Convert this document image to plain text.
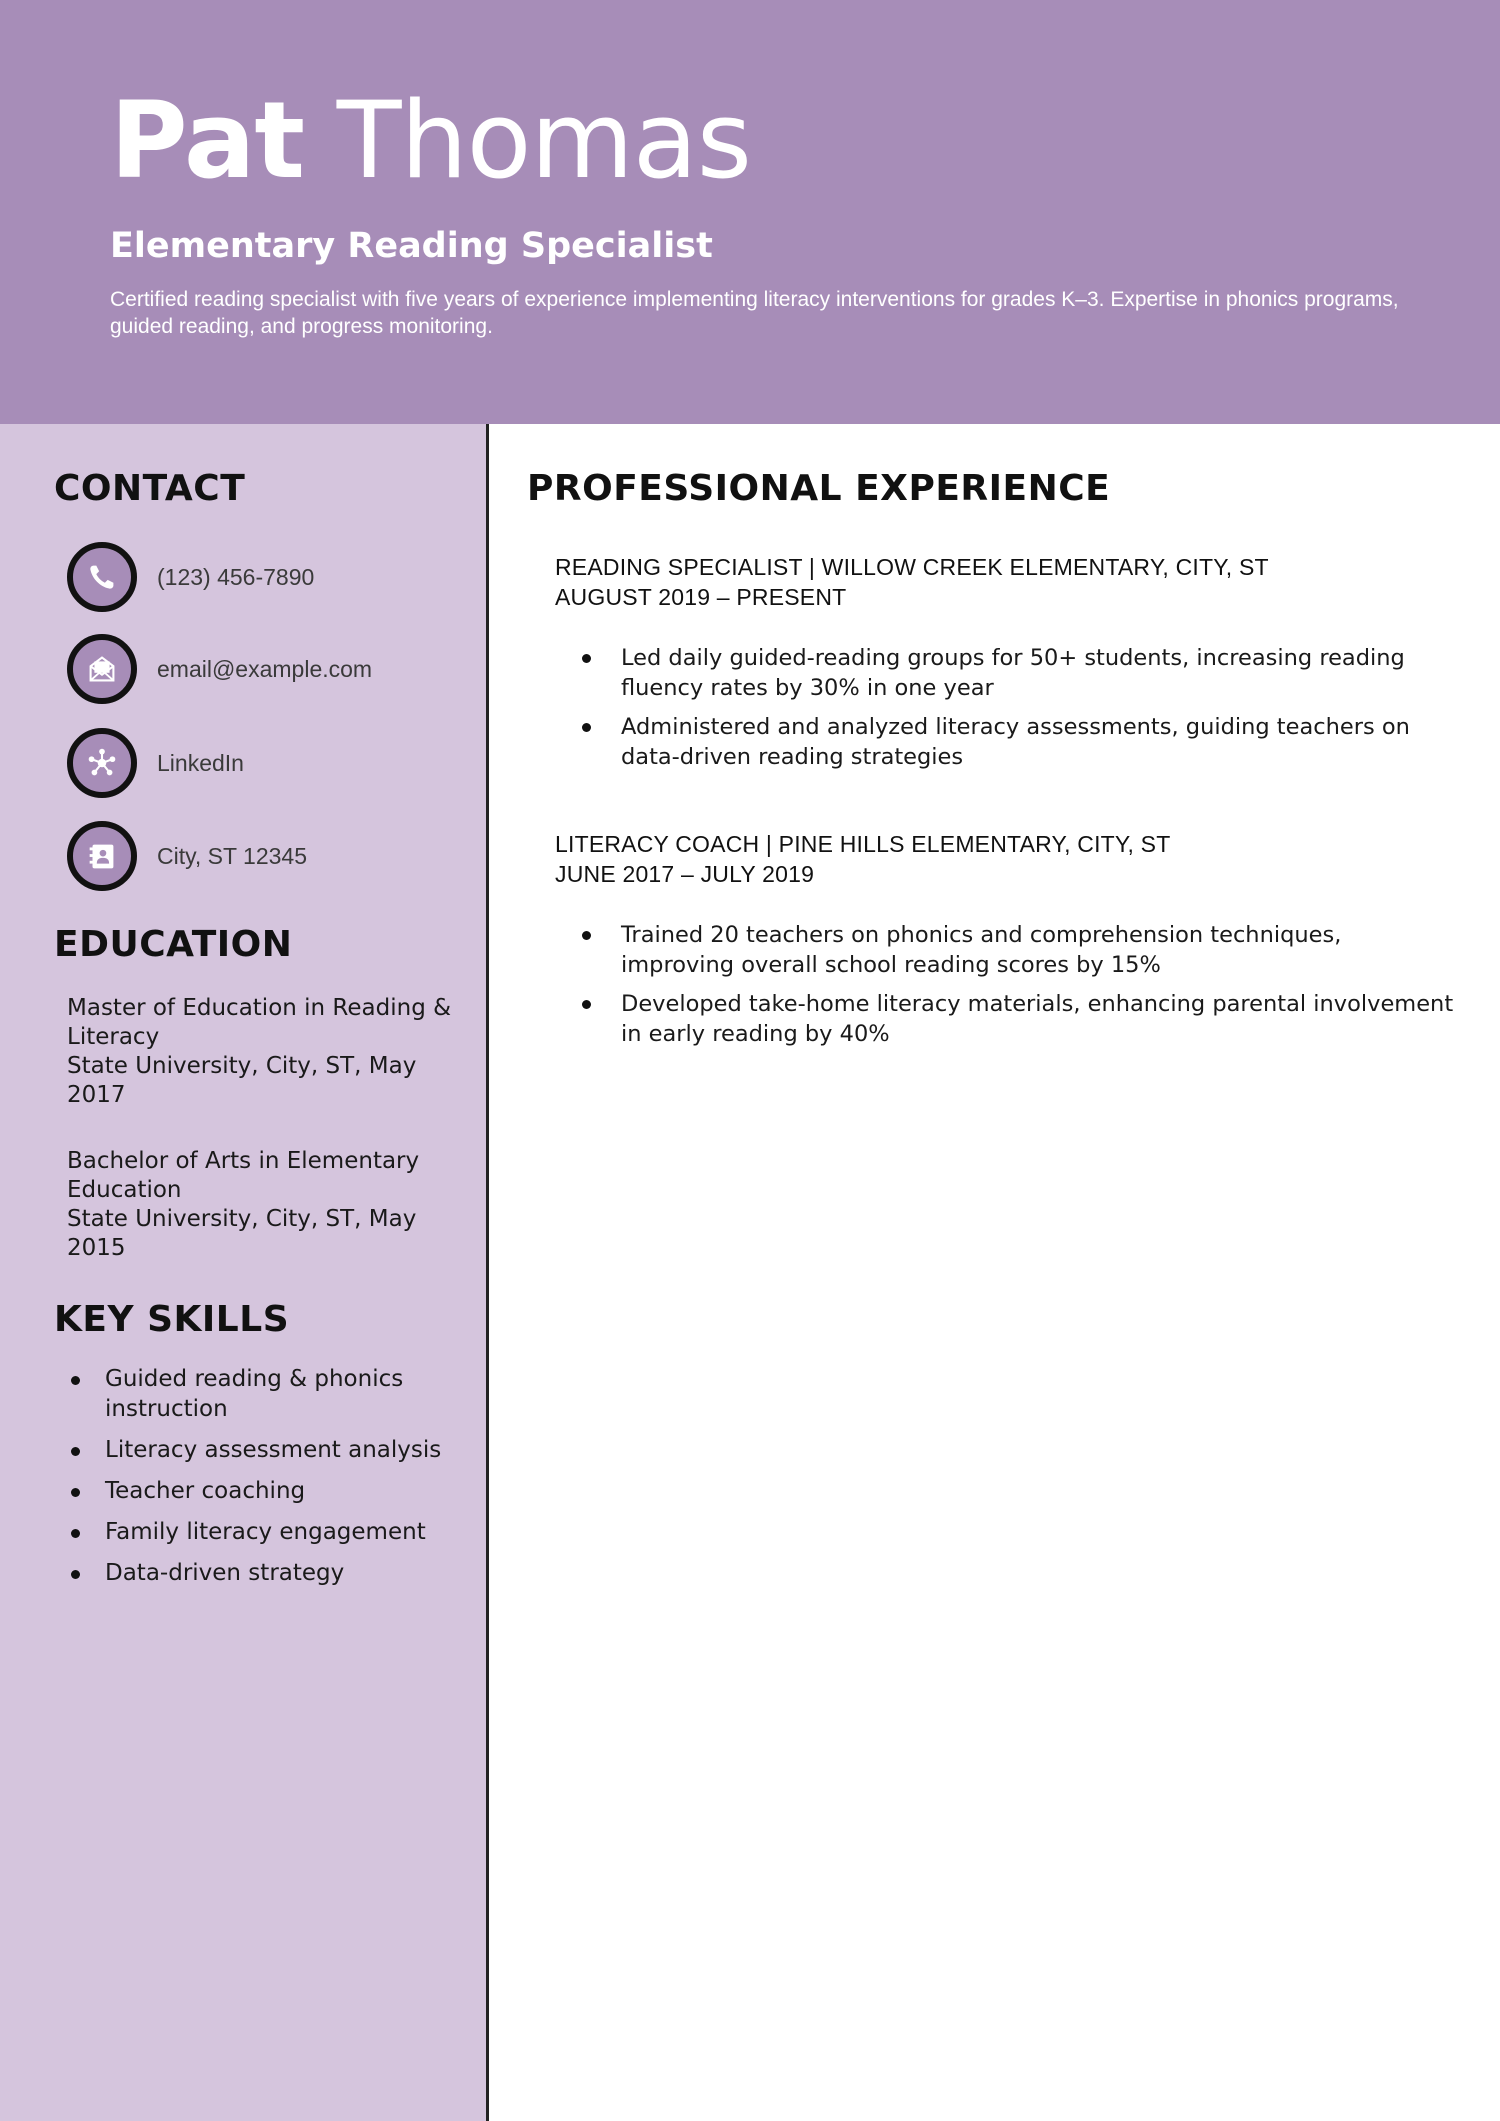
Pat Thomas
Elementary Reading Specialist
Certified reading specialist with five years of experience implementing literacy interventions for grades K–3. Expertise in phonics programs, guided reading, and progress monitoring.
CONTACT
(123) 456-7890
email@example.com
LinkedIn
City, ST 12345
EDUCATION
Master of Education in Reading & Literacy
State University, City, ST, May 2017
Bachelor of Arts in Elementary Education
State University, City, ST, May 2015
KEY SKILLS
Guided reading & phonics instruction
Literacy assessment analysis
Teacher coaching
Family literacy engagement
Data-driven strategy
PROFESSIONAL EXPERIENCE
READING SPECIALIST | WILLOW CREEK ELEMENTARY, CITY, ST
AUGUST 2019 – PRESENT
Led daily guided-reading groups for 50+ students, increasing reading fluency rates by 30% in one year
Administered and analyzed literacy assessments, guiding teachers on data-driven reading strategies
LITERACY COACH | PINE HILLS ELEMENTARY, CITY, ST
JUNE 2017 – JULY 2019
Trained 20 teachers on phonics and comprehension techniques, improving overall school reading scores by 15%
Developed take-home literacy materials, enhancing parental involvement in early reading by 40%
